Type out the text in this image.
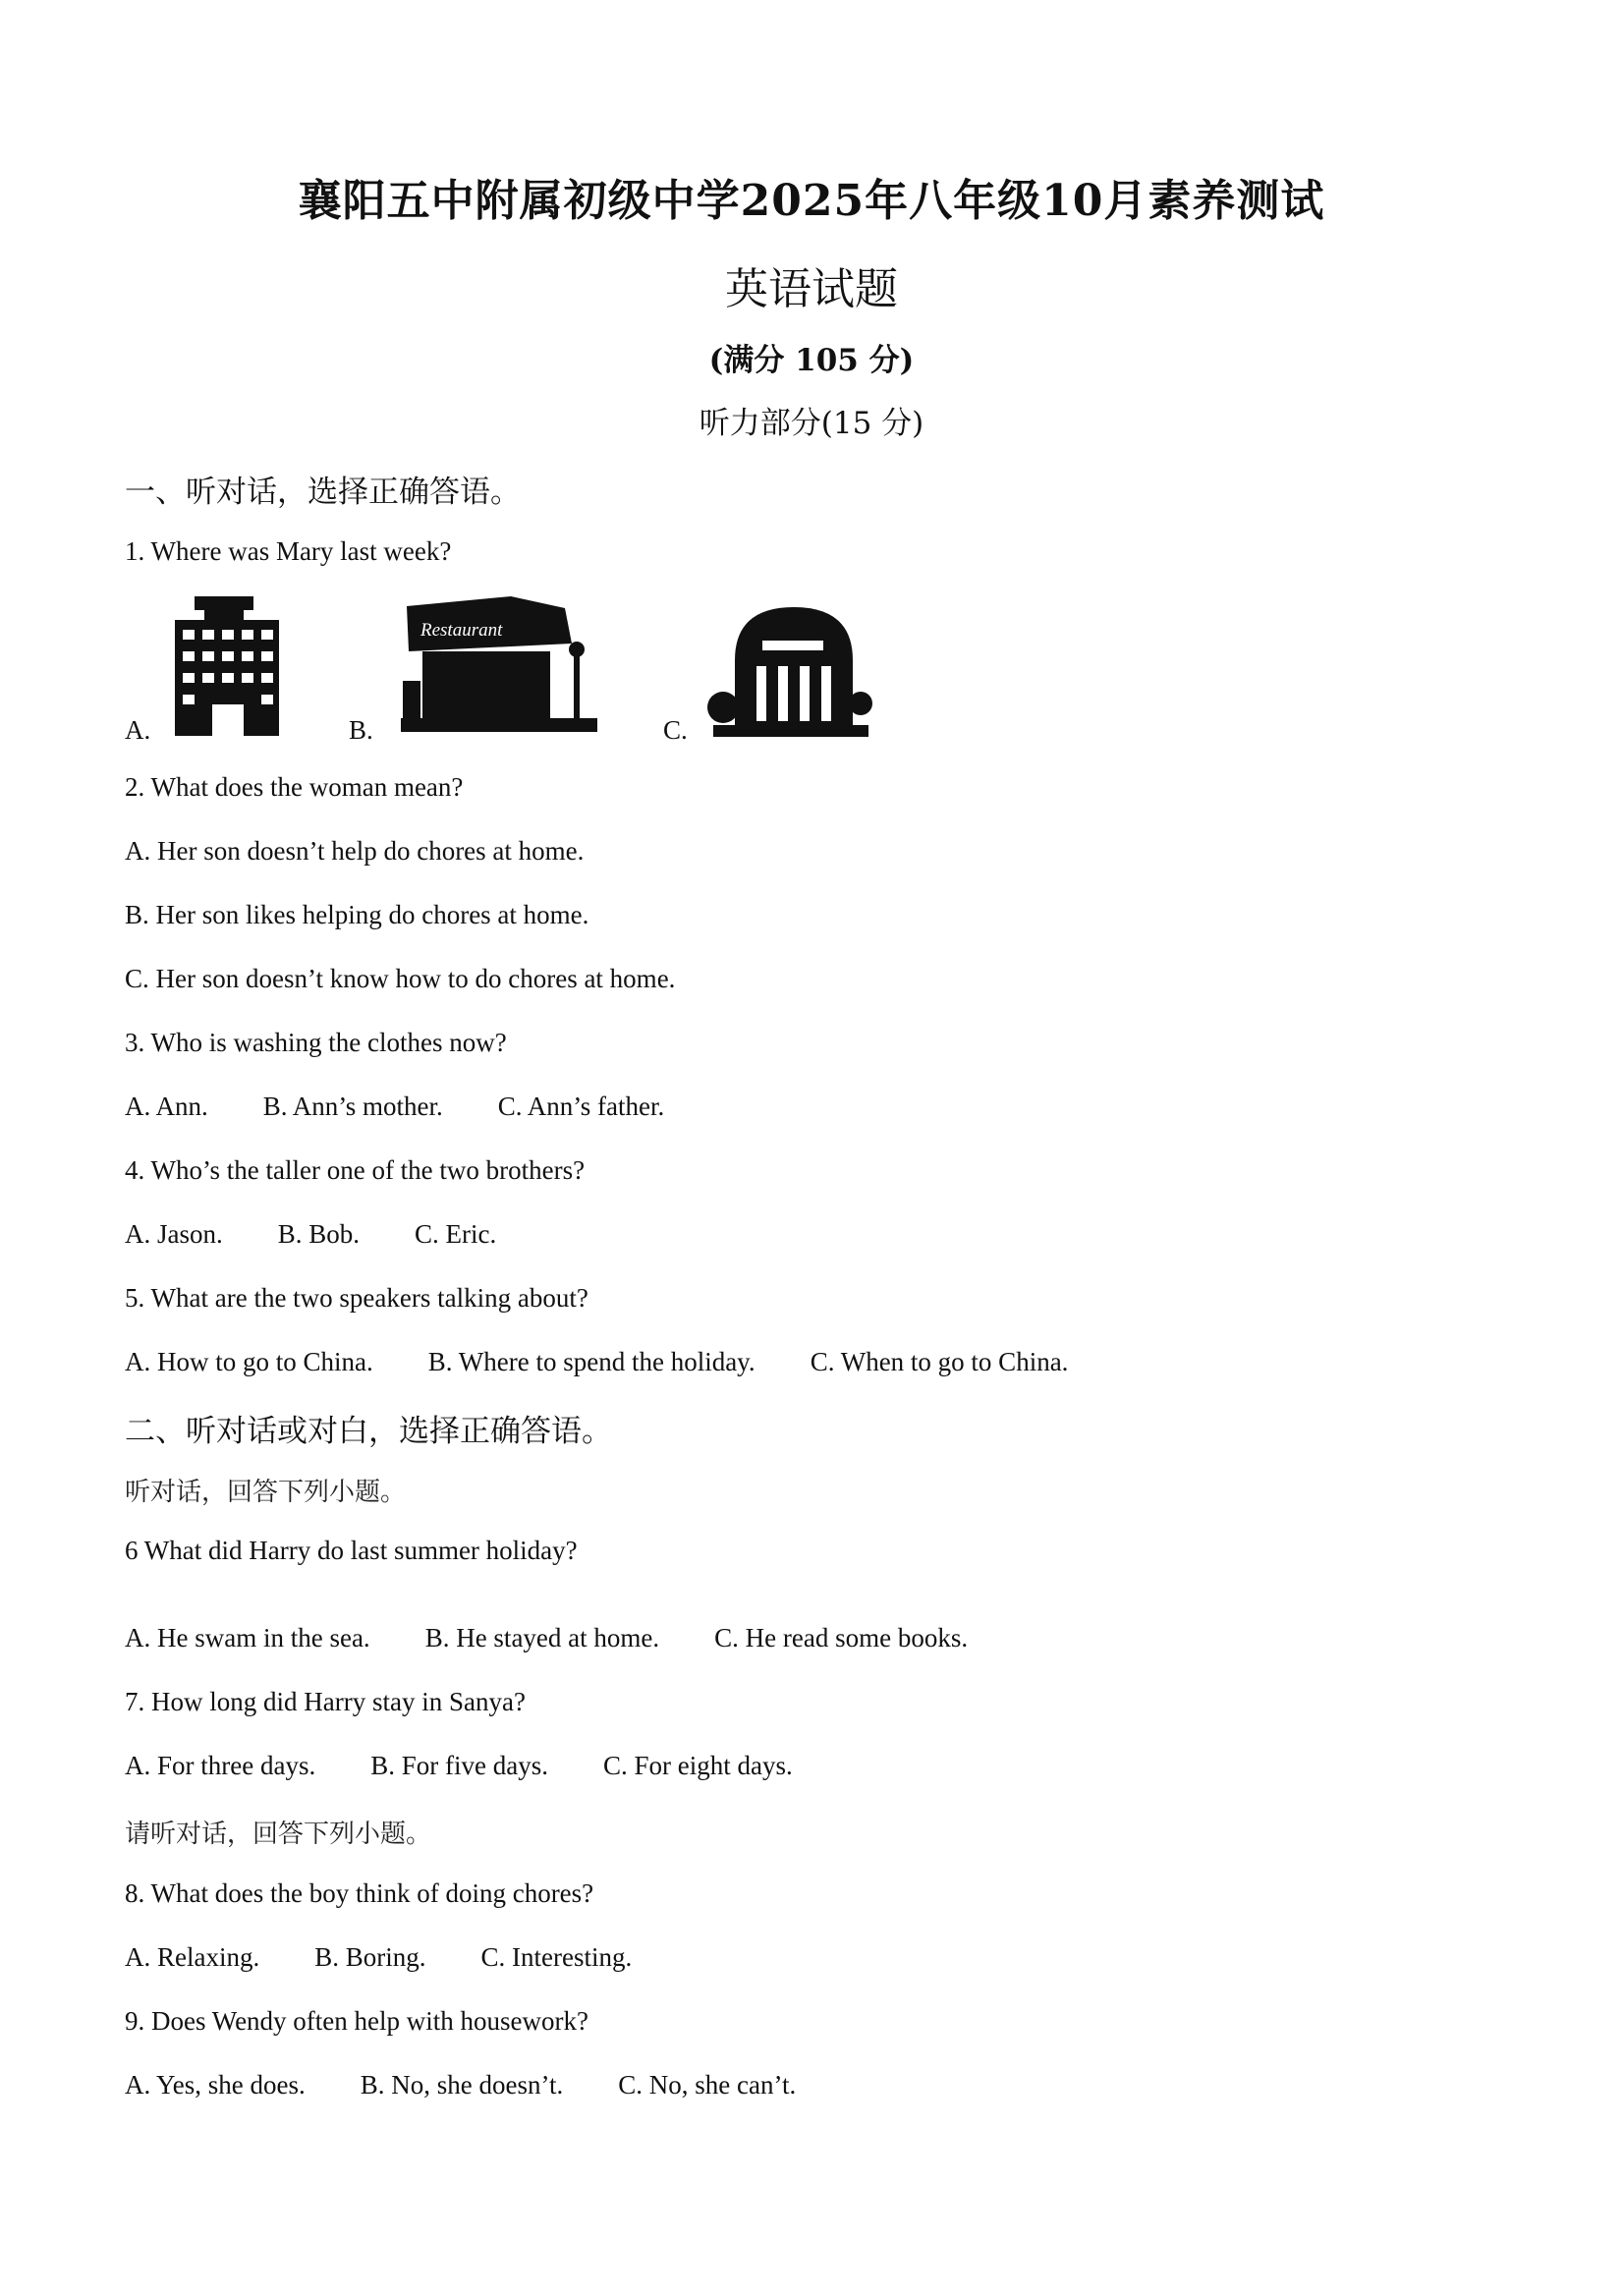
襄阳五中附属初级中学2025年八年级10月素养测试
英语试题
(满分 105 分)
听力部分(15 分)
一、听对话，选择正确答语。
1. Where was Mary last week?
A.	B.
Restaurant
C.
2. What does the woman mean?
A. Her son doesn’t help do chores at home.
B. Her son likes helping do chores at home.
C. Her son doesn’t know how to do chores at home.
3. Who is washing the clothes now?
A. Ann. B. Ann’s mother. C. Ann’s father.
4. Who’s the taller one of the two brothers?
A. Jason. B. Bob. C. Eric.
5. What are the two speakers talking about?
A. How to go to China. B. Where to spend the holiday. C. When to go to China.
二、听对话或对白，选择正确答语。
听对话，回答下列小题。
6 What did Harry do last summer holiday?
A. He swam in the sea. B. He stayed at home. C. He read some books.
7. How long did Harry stay in Sanya?
A. For three days. B. For five days. C. For eight days.
请听对话，回答下列小题。
8. What does the boy think of doing chores?
A. Relaxing. B. Boring. C. Interesting.
9. Does Wendy often help with housework?
A. Yes, she does. B. No, she doesn’t. C. No, she can’t.
